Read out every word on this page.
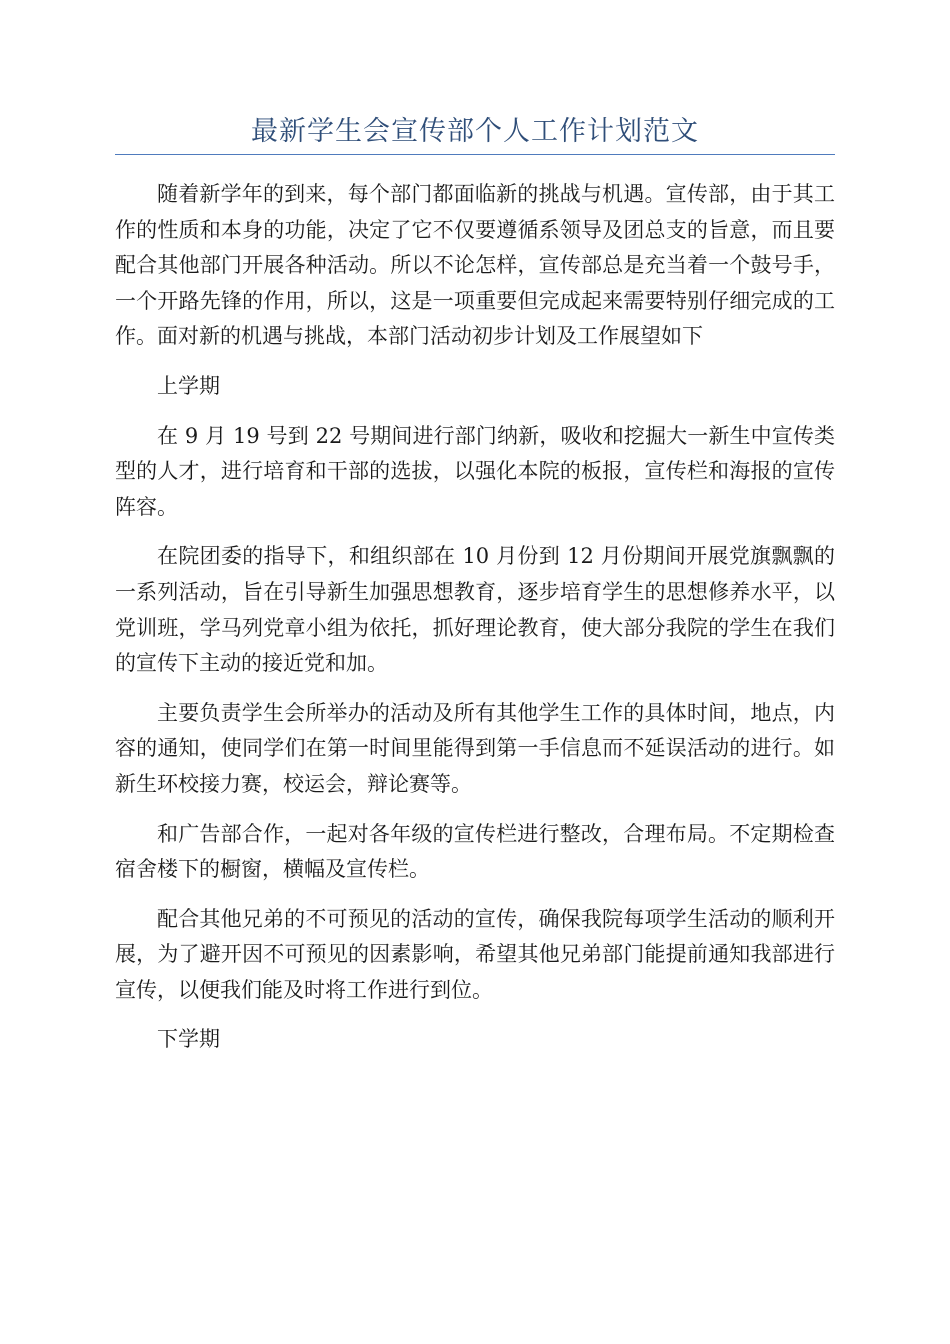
最新学生会宣传部个人工作计划范文

随着新学年的到来，每个部门都面临新的挑战与机遇。宣传部，由于其工作的性质和本身的功能，决定了它不仅要遵循系领导及团总支的旨意，而且要配合其他部门开展各种活动。所以不论怎样，宣传部总是充当着一个鼓号手，一个开路先锋的作用，所以，这是一项重要但完成起来需要特别仔细完成的工作。面对新的机遇与挑战，本部门活动初步计划及工作展望如下

上学期

在 9 月 19 号到 22 号期间进行部门纳新，吸收和挖掘大一新生中宣传类型的人才，进行培育和干部的选拔，以强化本院的板报，宣传栏和海报的宣传阵容。

在院团委的指导下，和组织部在 10 月份到 12 月份期间开展党旗飘飘的一系列活动，旨在引导新生加强思想教育，逐步培育学生的思想修养水平，以党训班，学马列党章小组为依托，抓好理论教育，使大部分我院的学生在我们的宣传下主动的接近党和加。

主要负责学生会所举办的活动及所有其他学生工作的具体时间，地点，内容的通知，使同学们在第一时间里能得到第一手信息而不延误活动的进行。如新生环校接力赛，校运会，辩论赛等。

和广告部合作，一起对各年级的宣传栏进行整改，合理布局。不定期检查宿舍楼下的橱窗，横幅及宣传栏。

配合其他兄弟的不可预见的活动的宣传，确保我院每项学生活动的顺利开展，为了避开因不可预见的因素影响，希望其他兄弟部门能提前通知我部进行宣传，以便我们能及时将工作进行到位。

下学期
